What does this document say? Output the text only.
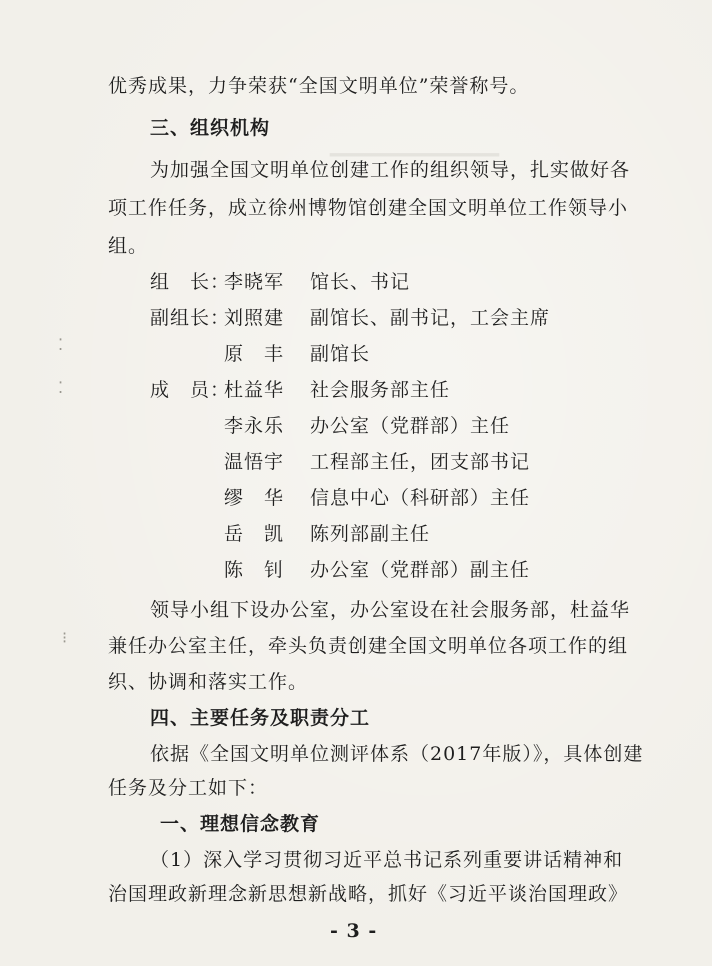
▁▁▁▁▁▁▁▁▁▁
⁚
⁚
⁝
优秀成果，力争荣获“全国文明单位”荣誉称号。
三、组织机构
为加强全国文明单位创建工作的组织领导，扎实做好各
项工作任务，成立徐州博物馆创建全国文明单位工作领导小
组。
组　长：
李晓军 馆长、书记
副组长：
刘照建 副馆长、副书记，工会主席
原　丰 副馆长
成　员：
杜益华 社会服务部主任
李永乐 办公室（党群部）主任
温悟宇 工程部主任，团支部书记
缪　华 信息中心（科研部）主任
岳　凯 陈列部副主任
陈　钊 办公室（党群部）副主任
领导小组下设办公室，办公室设在社会服务部，杜益华
兼任办公室主任，牵头负责创建全国文明单位各项工作的组
织、协调和落实工作。
四、主要任务及职责分工
依据《全国文明单位测评体系（2017年版）》，具体创建
任务及分工如下：
一、理想信念教育
（1）深入学习贯彻习近平总书记系列重要讲话精神和
- 3 -
治国理政新理念新思想新战略，抓好《习近平谈治国理政》
